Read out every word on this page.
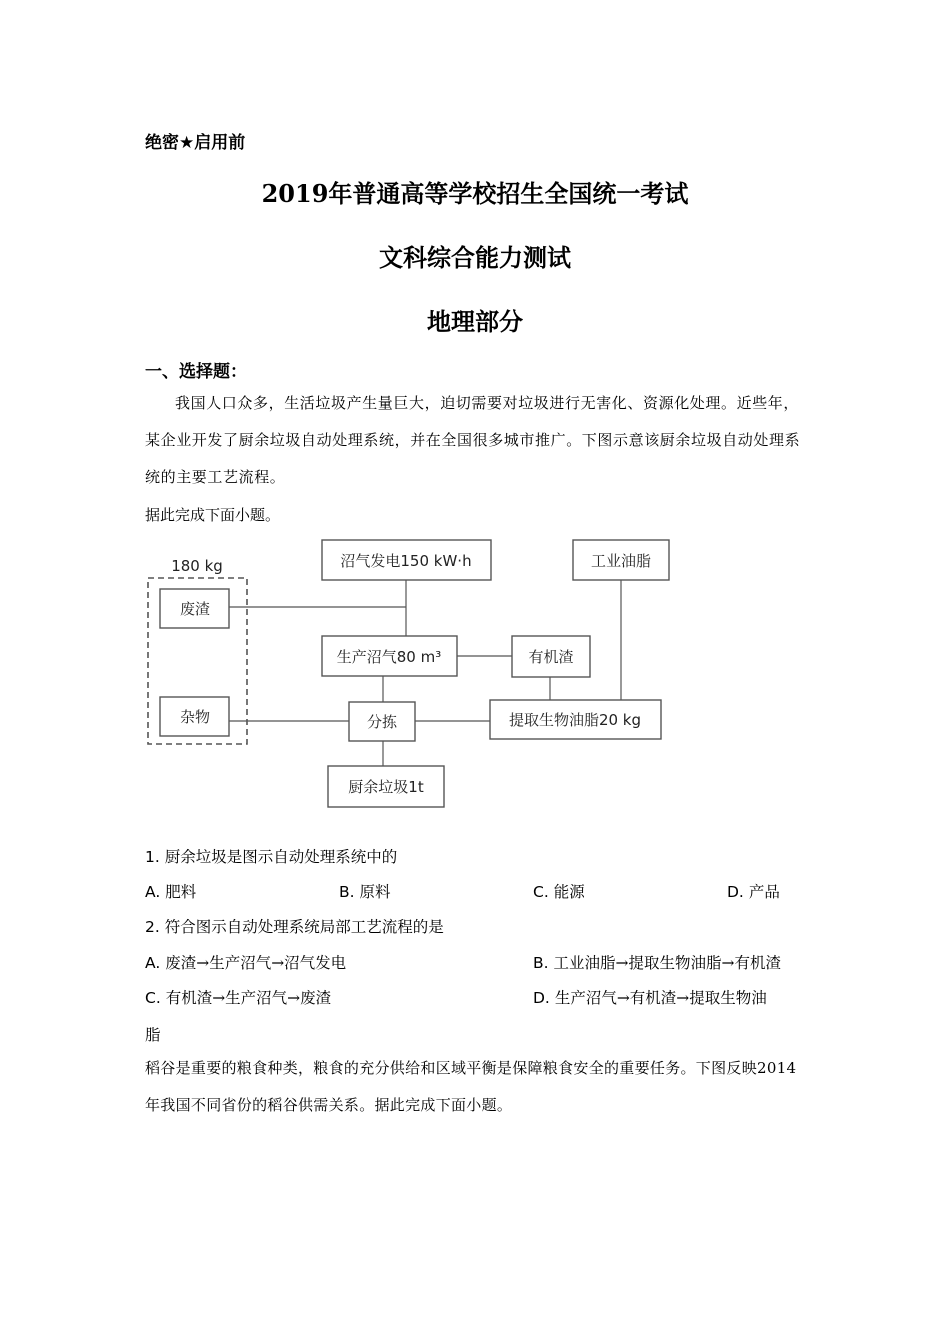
绝密★启用前
2019年普通高等学校招生全国统一考试
文科综合能力测试
地理部分
一、选择题：
我国人口众多，生活垃圾产生量巨大，迫切需要对垃圾进行无害化、资源化处理。近些年，某企业开发了厨余垃圾自动处理系统，并在全国很多城市推广。下图示意该厨余垃圾自动处理系统的主要工艺流程。
据此完成下面小题。
180 kg
废渣
杂物
沼气发电150 kW·h
生产沼气80 m³	有机渣
分拣	提取生物油脂20 kg
工业油脂
厨余垃圾1t
1. 厨余垃圾是图示自动处理系统中的
A. 肥料	B. 原料	C. 能源	D. 产品
2. 符合图示自动处理系统局部工艺流程的是
A. 废渣→生产沼气→沼气发电	B. 工业油脂→提取生物油脂→有机渣
C. 有机渣→生产沼气→废渣	D. 生产沼气→有机渣→提取生物油
脂
稻谷是重要的粮食种类，粮食的充分供给和区域平衡是保障粮食安全的重要任务。下图反映2014年我国不同省份的稻谷供需关系。据此完成下面小题。
